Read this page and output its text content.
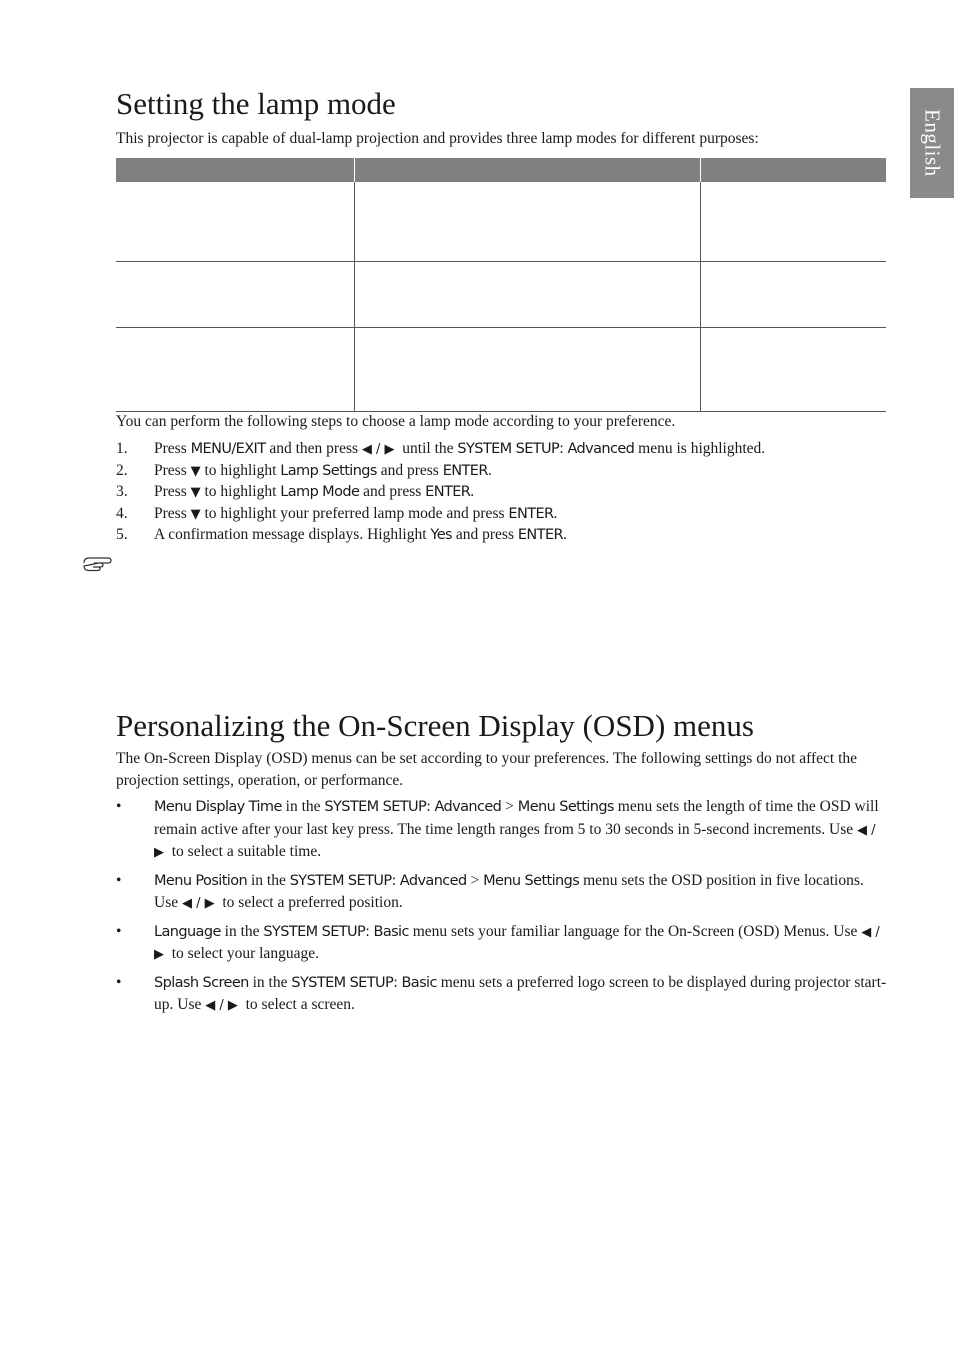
English
Setting the lamp mode

This projector is capable of dual-lamp projection and provides three lamp modes for different purposes:

You can perform the following steps to choose a lamp mode according to your preference.

1.	Press MENU/EXIT and then press ◀ / ▶  until the SYSTEM SETUP: Advanced menu is highlighted.
2.	Press ▼ to highlight Lamp Settings and press ENTER.
3.	Press ▼ to highlight Lamp Mode and press ENTER.
4.	Press ▼ to highlight your preferred lamp mode and press ENTER.
5.	A confirmation message displays. Highlight Yes and press ENTER.
Personalizing the On-Screen Display (OSD) menus

The On-Screen Display (OSD) menus can be set according to your preferences. The following settings do not affect the projection settings, operation, or performance.

•	Menu Display Time in the SYSTEM SETUP: Advanced > Menu Settings menu sets the length of time the OSD will remain active after your last key press. The time length ranges from 5 to 30 seconds in 5-second increments. Use ◀ / ▶  to select a suitable time.
•	Menu Position in the SYSTEM SETUP: Advanced > Menu Settings menu sets the OSD position in five locations. Use ◀ / ▶  to select a preferred position.
•	Language in the SYSTEM SETUP: Basic menu sets your familiar language for the On-Screen (OSD) Menus. Use ◀ / ▶  to select your language.
•	Splash Screen in the SYSTEM SETUP: Basic menu sets a preferred logo screen to be displayed during projector start-up. Use ◀ / ▶  to select a screen.
